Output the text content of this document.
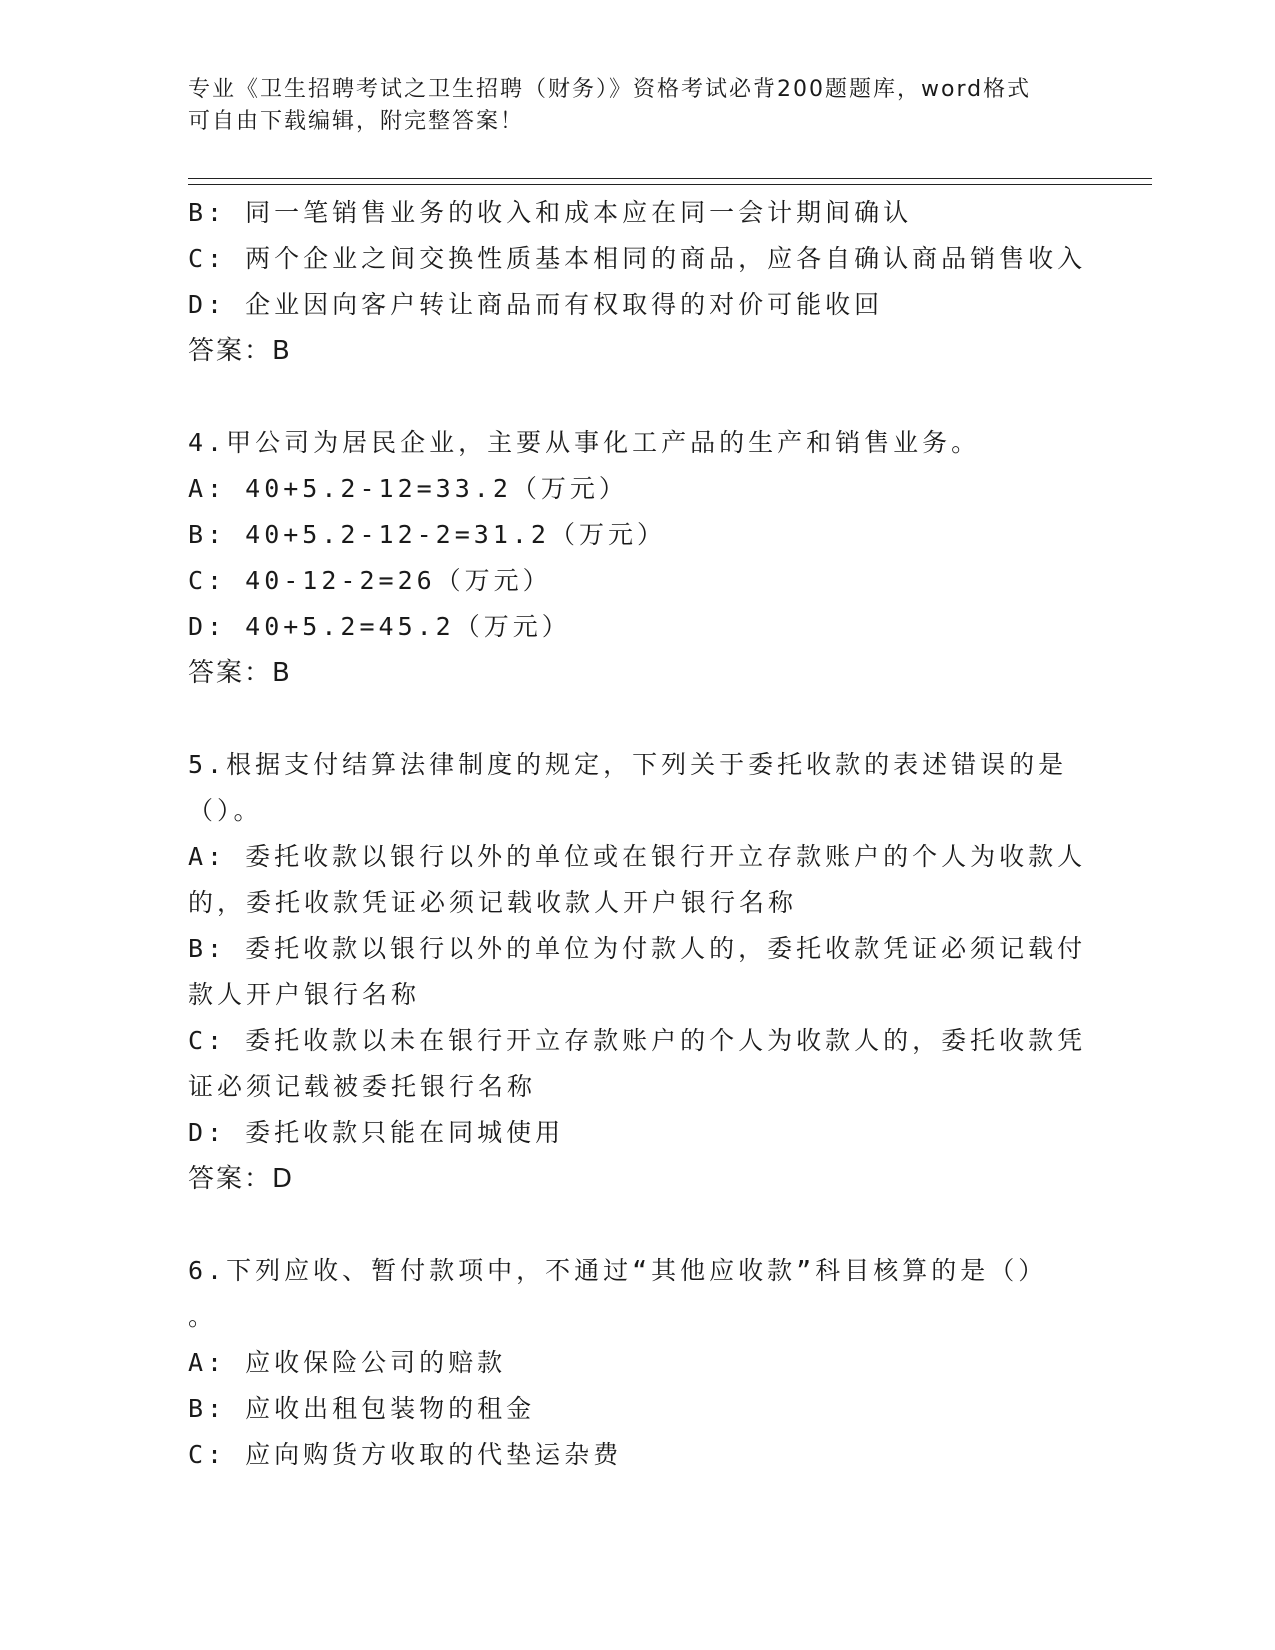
专业《卫生招聘考试之卫生招聘（财务）》资格考试必背200题题库，word格式
可自由下载编辑，附完整答案！

B: 同一笔销售业务的收入和成本应在同一会计期间确认

C: 两个企业之间交换性质基本相同的商品，应各自确认商品销售收入

D: 企业因向客户转让商品而有权取得的对价可能收回

答案：B

4.甲公司为居民企业，主要从事化工产品的生产和销售业务。

A: 40+5.2-12=33.2（万元）

B: 40+5.2-12-2=31.2（万元）

C: 40-12-2=26（万元）

D: 40+5.2=45.2（万元）

答案：B

5.根据支付结算法律制度的规定，下列关于委托收款的表述错误的是

（）。

A: 委托收款以银行以外的单位或在银行开立存款账户的个人为收款人

的，委托收款凭证必须记载收款人开户银行名称

B: 委托收款以银行以外的单位为付款人的，委托收款凭证必须记载付

款人开户银行名称

C: 委托收款以未在银行开立存款账户的个人为收款人的，委托收款凭

证必须记载被委托银行名称

D: 委托收款只能在同城使用

答案：D

6.下列应收、暂付款项中，不通过“其他应收款”科目核算的是（）

。

A: 应收保险公司的赔款

B: 应收出租包装物的租金

C: 应向购货方收取的代垫运杂费
